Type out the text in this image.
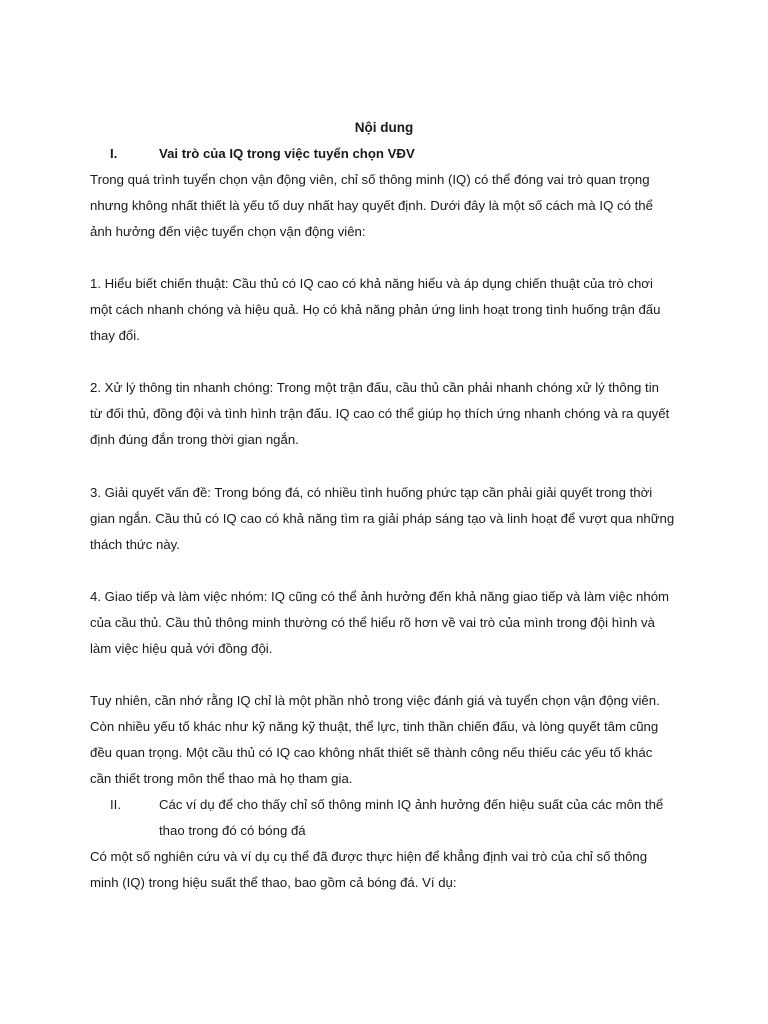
Nội dung
I.	Vai trò của IQ trong việc tuyển chọn VĐV
Trong quá trình tuyển chọn vận động viên, chỉ số thông minh (IQ) có thể đóng vai trò quan trọng
nhưng không nhất thiết là yếu tố duy nhất hay quyết định. Dưới đây là một số cách mà IQ có thể
ảnh hưởng đến việc tuyển chọn vận động viên:
1. Hiểu biết chiến thuật: Cầu thủ có IQ cao có khả năng hiểu và áp dụng chiến thuật của trò chơi
một cách nhanh chóng và hiệu quả. Họ có khả năng phản ứng linh hoạt trong tình huống trận đấu
thay đổi.
2. Xử lý thông tin nhanh chóng: Trong một trận đấu, cầu thủ cần phải nhanh chóng xử lý thông tin
từ đối thủ, đồng đội và tình hình trận đấu. IQ cao có thể giúp họ thích ứng nhanh chóng và ra quyết
định đúng đắn trong thời gian ngắn.
3. Giải quyết vấn đề: Trong bóng đá, có nhiều tình huống phức tạp cần phải giải quyết trong thời
gian ngắn. Cầu thủ có IQ cao có khả năng tìm ra giải pháp sáng tạo và linh hoạt để vượt qua những
thách thức này.
4. Giao tiếp và làm việc nhóm: IQ cũng có thể ảnh hưởng đến khả năng giao tiếp và làm việc nhóm
của cầu thủ. Cầu thủ thông minh thường có thể hiểu rõ hơn về vai trò của mình trong đội hình và
làm việc hiệu quả với đồng đội.
Tuy nhiên, cần nhớ rằng IQ chỉ là một phần nhỏ trong việc đánh giá và tuyển chọn vận động viên.
Còn nhiều yếu tố khác như kỹ năng kỹ thuật, thể lực, tinh thần chiến đấu, và lòng quyết tâm cũng
đều quan trọng. Một cầu thủ có IQ cao không nhất thiết sẽ thành công nếu thiếu các yếu tố khác
cần thiết trong môn thể thao mà họ tham gia.
II.	Các ví dụ để cho thấy chỉ số thông minh IQ ảnh hưởng đến hiệu suất của các môn thể
thao trong đó có bóng đá
Có một số nghiên cứu và ví dụ cụ thể đã được thực hiện để khẳng định vai trò của chỉ số thông
minh (IQ) trong hiệu suất thể thao, bao gồm cả bóng đá. Ví dụ:
